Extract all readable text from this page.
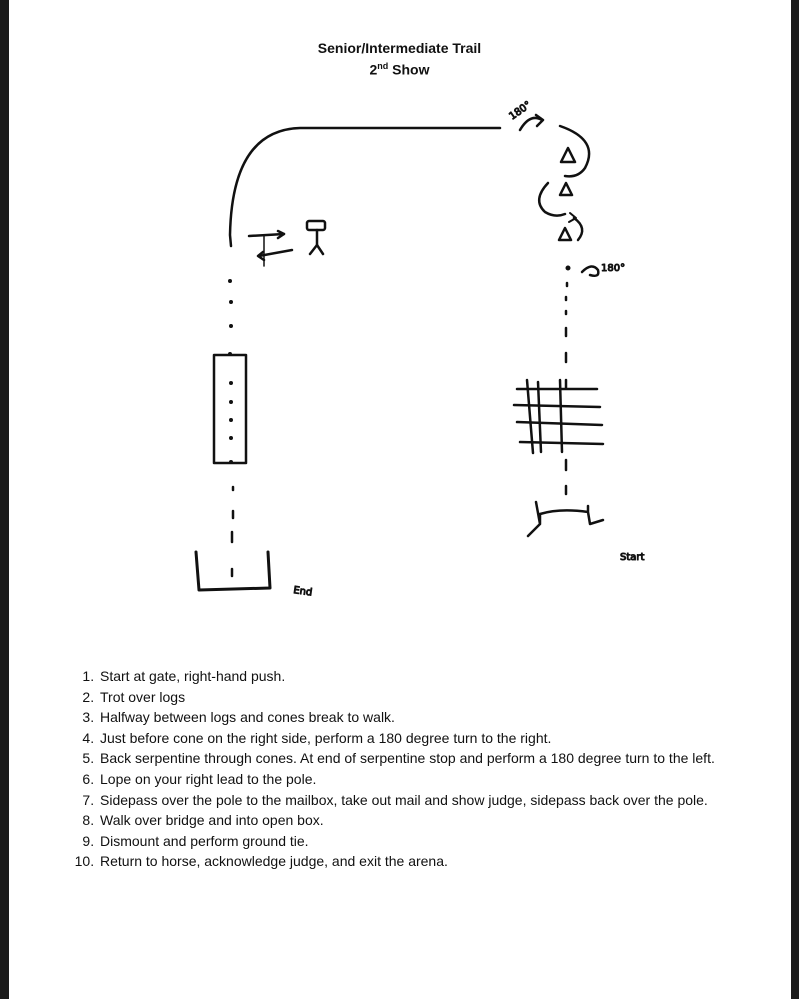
Senior/Intermediate Trail
2nd Show
180°
180°
Start
End
1. Start at gate, right-hand push.
2. Trot over logs
3. Halfway between logs and cones break to walk.
4. Just before cone on the right side, perform a 180 degree turn to the right.
5. Back serpentine through cones. At end of serpentine stop and perform a 180 degree turn to the left.
6. Lope on your right lead to the pole.
7. Sidepass over the pole to the mailbox, take out mail and show judge, sidepass back over the pole.
8. Walk over bridge and into open box.
9. Dismount and perform ground tie.
10. Return to horse, acknowledge judge, and exit the arena.
